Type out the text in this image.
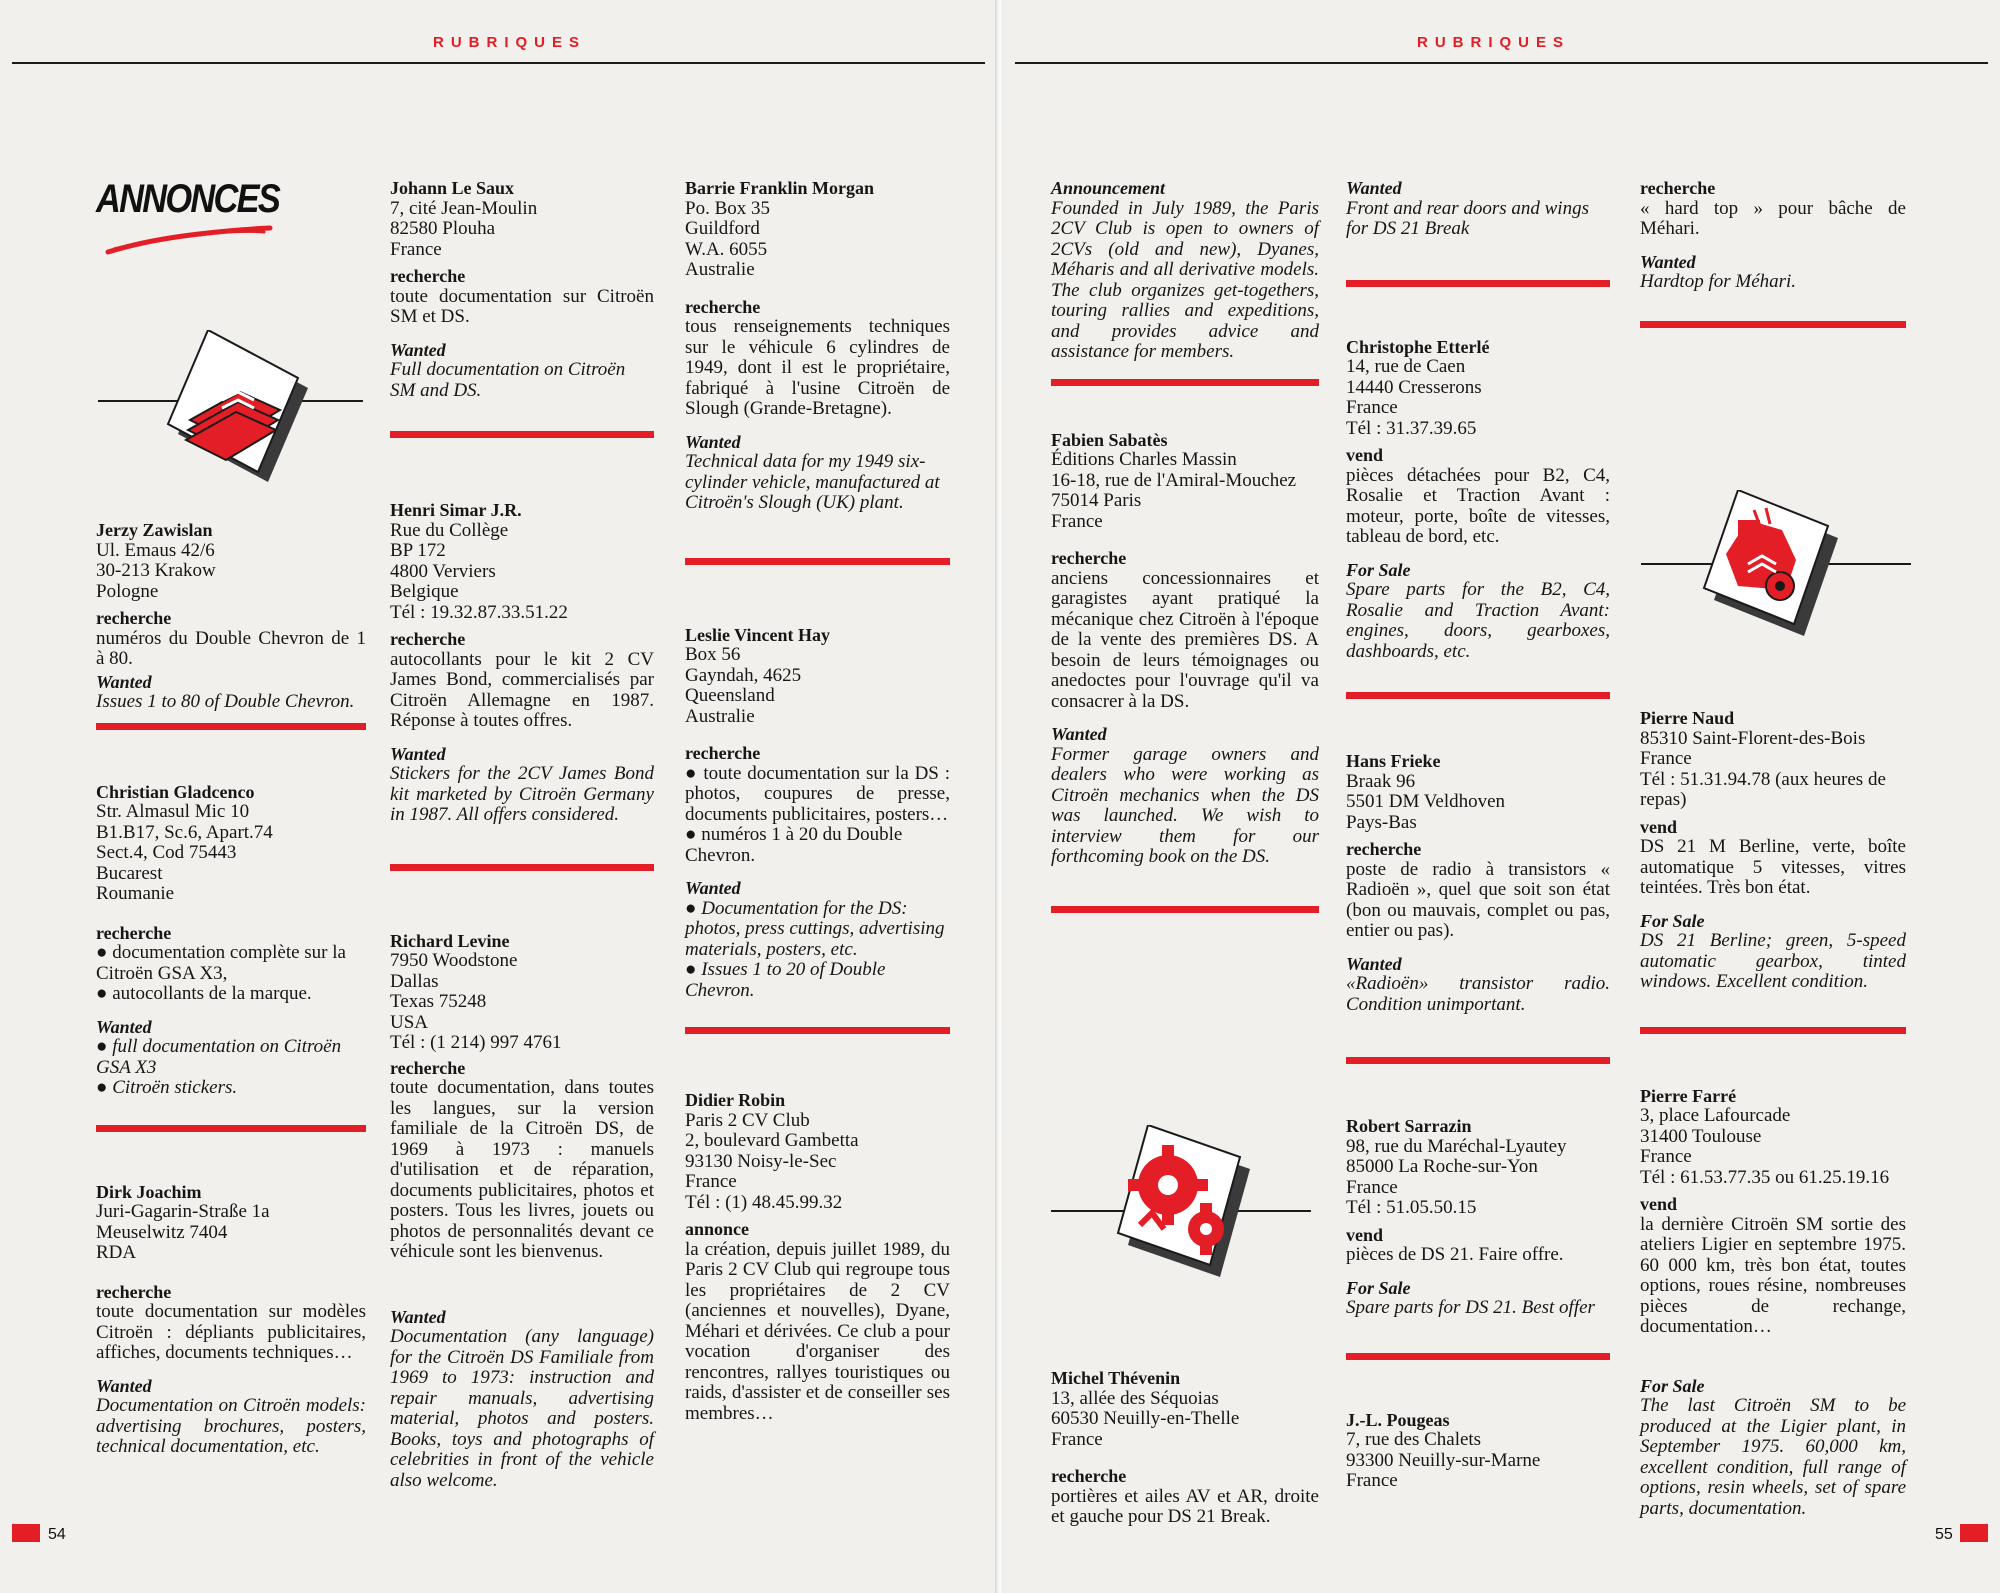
RUBRIQUES
ANNONCES

Jerzy Zawislan

Ul. Emaus 42/6

30-213 Krakow

Pologne

recherche

numéros du Double Chevron de 1 à 80.

Wanted

Issues 1 to 80 of Double Chevron.

Christian Gladcenco

Str. Almasul Mic 10

B1.B17, Sc.6, Apart.74

Sect.4, Cod 75443

Bucarest

Roumanie

recherche

● documentation complète sur la Citroën GSA X3,

● autocollants de la marque.

Wanted

● full documentation on Citroën GSA X3

● Citroën stickers.

Dirk Joachim

Juri-Gagarin-Straße 1a

Meuselwitz 7404

RDA

recherche

toute documentation sur modèles Citroën : dépliants publicitaires, affiches, documents techniques…

Wanted

Documentation on Citroën models: advertising brochures, posters, technical documentation, etc.

Johann Le Saux

7, cité Jean-Moulin

82580 Plouha

France

recherche

toute documentation sur Citroën SM et DS.

Wanted

Full documentation on Citroën SM and DS.

Henri Simar J.R.

Rue du Collège

BP 172

4800 Verviers

Belgique

Tél : 19.32.87.33.51.22

recherche

autocollants pour le kit 2 CV James Bond, commercialisés par Citroën Allemagne en 1987. Réponse à toutes offres.

Wanted

Stickers for the 2CV James Bond kit marketed by Citroën Germany in 1987. All offers considered.

Richard Levine

7950 Woodstone

Dallas

Texas 75248

USA

Tél : (1 214) 997 4761

recherche

toute documentation, dans toutes les langues, sur la version familiale de la Citroën DS, de 1969 à 1973 : manuels d'utilisation et de réparation, documents publicitaires, photos et posters. Tous les livres, jouets ou photos de personnalités devant ce véhicule sont les bienvenus.

Wanted

Documentation (any language) for the Citroën DS Familiale from 1969 to 1973: instruction and repair manuals, advertising material, photos and posters. Books, toys and photographs of celebrities in front of the vehicle also welcome.

Barrie Franklin Morgan

Po. Box 35

Guildford

W.A. 6055

Australie

recherche

tous renseignements techniques sur le véhicule 6 cylindres de 1949, dont il est le propriétaire, fabriqué à l'usine Citroën de Slough (Grande-Bretagne).

Wanted

Technical data for my 1949 six-cylinder vehicle, manufactured at Citroën's Slough (UK) plant.

Leslie Vincent Hay

Box 56

Gayndah, 4625

Queensland

Australie

recherche

● toute documentation sur la DS : photos, coupures de presse, documents publicitaires, posters…

● numéros 1 à 20 du Double Chevron.

Wanted

● Documentation for the DS: photos, press cuttings, advertising materials, posters, etc.

● Issues 1 to 20 of Double Chevron.

Didier Robin

Paris 2 CV Club

2, boulevard Gambetta

93130 Noisy-le-Sec

France

Tél : (1) 48.45.99.32

annonce

la création, depuis juillet 1989, du Paris 2 CV Club qui regroupe tous les propriétaires de 2 CV (anciennes et nouvelles), Dyane, Méhari et dérivées. Ce club a pour vocation d'organiser des rencontres, rallyes touristiques ou raids, d'assister et de conseiller ses membres…

54
RUBRIQUES

Announcement

Founded in July 1989, the Paris 2CV Club is open to owners of 2CVs (old and new), Dyanes, Méharis and all derivative models. The club organizes get-togethers, touring rallies and expeditions, and provides advice and assistance for members.

Fabien Sabatès

Éditions Charles Massin

16-18, rue de l'Amiral-Mouchez

75014 Paris

France

recherche

anciens concessionnaires et garagistes ayant pratiqué la mécanique chez Citroën à l'époque de la vente des premières DS. A besoin de leurs témoignages ou anedoctes pour l'ouvrage qu'il va consacrer à la DS.

Wanted

Former garage owners and dealers who were working as Citroën mechanics when the DS was launched. We wish to interview them for our forthcoming book on the DS.

Michel Thévenin

13, allée des Séquoias

60530 Neuilly-en-Thelle

France

recherche

portières et ailes AV et AR, droite et gauche pour DS 21 Break.

Wanted

Front and rear doors and wings for DS 21 Break

Christophe Etterlé

14, rue de Caen

14440 Cresserons

France

Tél : 31.37.39.65

vend

pièces détachées pour B2, C4, Rosalie et Traction Avant : moteur, porte, boîte de vitesses, tableau de bord, etc.

For Sale

Spare parts for the B2, C4, Rosalie and Traction Avant: engines, doors, gearboxes, dashboards, etc.

Hans Frieke

Braak 96

5501 DM Veldhoven

Pays-Bas

recherche

poste de radio à transistors « Radioën », quel que soit son état (bon ou mauvais, complet ou pas, entier ou pas).

Wanted

«Radioën» transistor radio. Condition unimportant.

Robert Sarrazin

98, rue du Maréchal-Lyautey

85000 La Roche-sur-Yon

France

Tél : 51.05.50.15

vend

pièces de DS 21. Faire offre.

For Sale

Spare parts for DS 21. Best offer

J.-L. Pougeas

7, rue des Chalets

93300 Neuilly-sur-Marne

France

recherche

« hard top » pour bâche de Méhari.

Wanted

Hardtop for Méhari.

Pierre Naud

85310 Saint-Florent-des-Bois

France

Tél : 51.31.94.78 (aux heures de repas)

vend

DS 21 M Berline, verte, boîte automatique 5 vitesses, vitres teintées. Très bon état.

For Sale

DS 21 Berline; green, 5-speed automatic gearbox, tinted windows. Excellent condition.

Pierre Farré

3, place Lafourcade

31400 Toulouse

France

Tél : 61.53.77.35 ou 61.25.19.16

vend

la dernière Citroën SM sortie des ateliers Ligier en septembre 1975. 60 000 km, très bon état, toutes options, roues résine, nombreuses pièces de rechange, documentation…

For Sale

The last Citroën SM to be produced at the Ligier plant, in September 1975. 60,000 km, excellent condition, full range of options, resin wheels, set of spare parts, documentation.

55
